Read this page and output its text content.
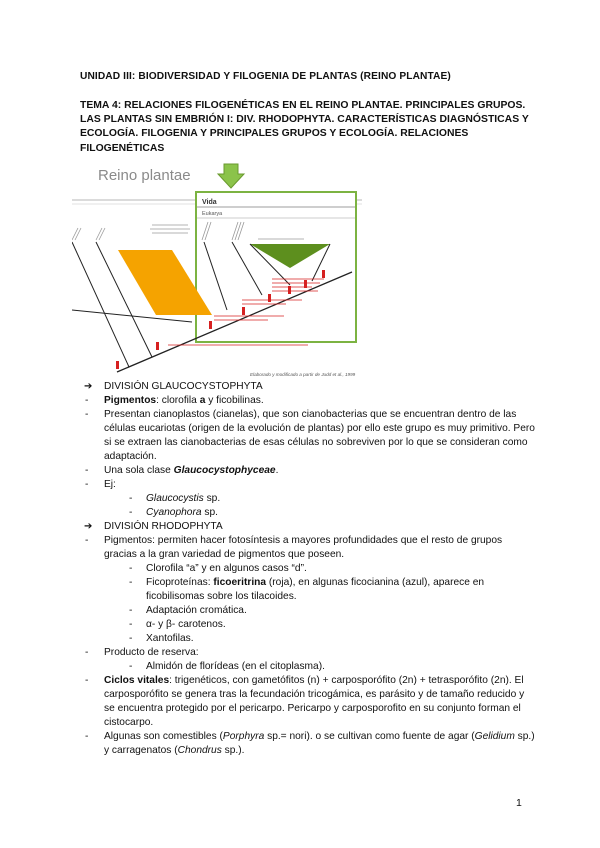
UNIDAD III: BIODIVERSIDAD Y FILOGENIA DE PLANTAS (REINO PLANTAE)
TEMA 4: RELACIONES FILOGENÉTICAS EN EL REINO PLANTAE. PRINCIPALES GRUPOS. LAS PLANTAS SIN EMBRIÓN I: DIV. RHODOPHYTA. CARACTERÍSTICAS DIAGNÓSTICAS Y ECOLOGÍA. FILOGENIA Y PRINCIPALES GRUPOS Y ECOLOGÍA. RELACIONES FILOGENÉTICAS
Reino plantae
Vida
Eukarya
Elaborado y modificado a partir de Judd et al., 1999
➔	DIVISIÓN GLAUCOCYSTOPHYTA
-	Pigmentos: clorofila a y ficobilinas.
-	Presentan cianoplastos (cianelas), que son cianobacterias que se encuentran dentro de las células eucariotas (origen de la evolución de plantas) por ello este grupo es muy primitivo. Pero si se extraen las cianobacterias de esas células no sobreviven por lo que se consideran como adaptación.
-	Una sola clase Glaucocystophyceae.
-	Ej:
-	Glaucocystis sp.
-	Cyanophora sp.
➔	DIVISIÓN RHODOPHYTA
-	Pigmentos: permiten hacer fotosíntesis a mayores profundidades que el resto de grupos gracias a la gran variedad de pigmentos que poseen.
-	Clorofila “a” y en algunos casos “d”.
-	Ficoproteínas: ficoeritrina (roja), en algunas ficocianina (azul), aparece en ficobilisomas sobre los tilacoides.
-	Adaptación cromática.
-	α- y β- carotenos.
-	Xantofilas.
-	Producto de reserva:
-	Almidón de florídeas (en el citoplasma).
-	Ciclos vitales: trigenéticos, con gametófitos (n) + carposporófito (2n) + tetrasporófito (2n). El carposporófito se genera tras la fecundación tricogámica, es parásito y de tamaño reducido y se encuentra protegido por el pericarpo. Pericarpo y carposporofito en su conjunto forman el cistocarpo.
-	Algunas son comestibles (Porphyra sp.= nori). o se cultivan como fuente de agar (Gelidium sp.) y carragenatos (Chondrus sp.).
1
